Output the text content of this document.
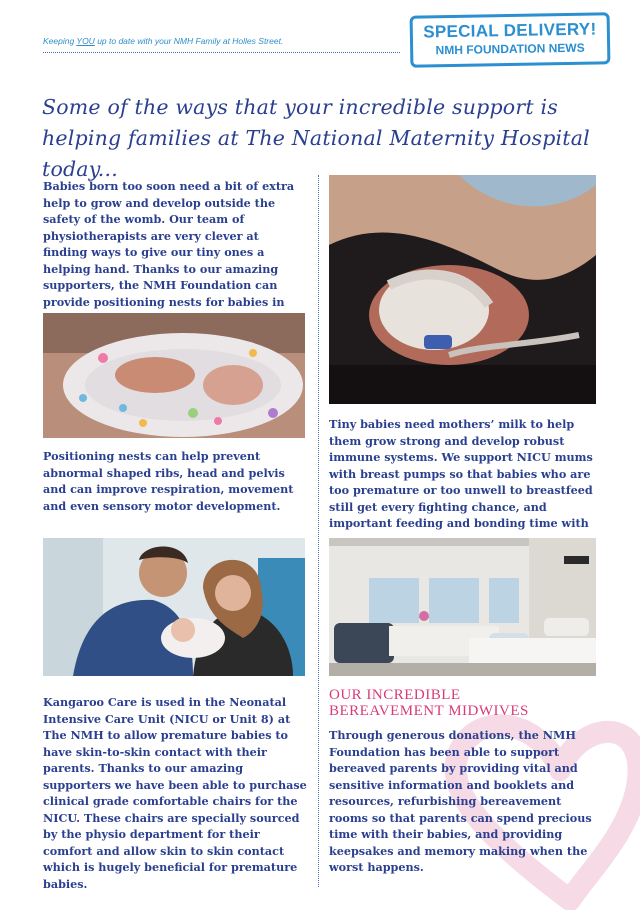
Keeping YOU up to date with your NMH Family at Holles Street.	SPECIAL DELIVERY!
NMH FOUNDATION NEWS
Some of the ways that your incredible support is helping families at The National Maternity Hospital today...
Babies born too soon need a bit of extra help to grow and develop outside the safety of the womb. Our team of physiotherapists are very clever at finding ways to give our tiny ones a helping hand. Thanks to our amazing supporters, the NMH Foundation can provide positioning nests for babies in
Positioning nests can help prevent abnormal shaped ribs, head and pelvis and can improve respiration, movement and even sensory motor development.
Kangaroo Care is used in the Neonatal Intensive Care Unit (NICU or Unit 8) at The NMH to allow premature babies to have skin-to-skin contact with their parents. Thanks to our amazing supporters we have been able to purchase clinical grade comfortable chairs for the NICU. These chairs are specially sourced by the physio department for their comfort and allow skin to skin contact which is hugely beneficial for premature babies.
Tiny babies need mothers’ milk to help them grow strong and develop robust immune systems. We support NICU mums with breast pumps so that babies who are too premature or too unwell to breastfeed still get every fighting chance, and important feeding and bonding time with
OUR INCREDIBLE
BEREAVEMENT MIDWIVES
Through generous donations, the NMH Foundation has been able to support bereaved parents by providing vital and sensitive information and booklets and resources, refurbishing bereavement rooms so that parents can spend precious time with their babies, and providing keepsakes and memory making when the worst happens.
